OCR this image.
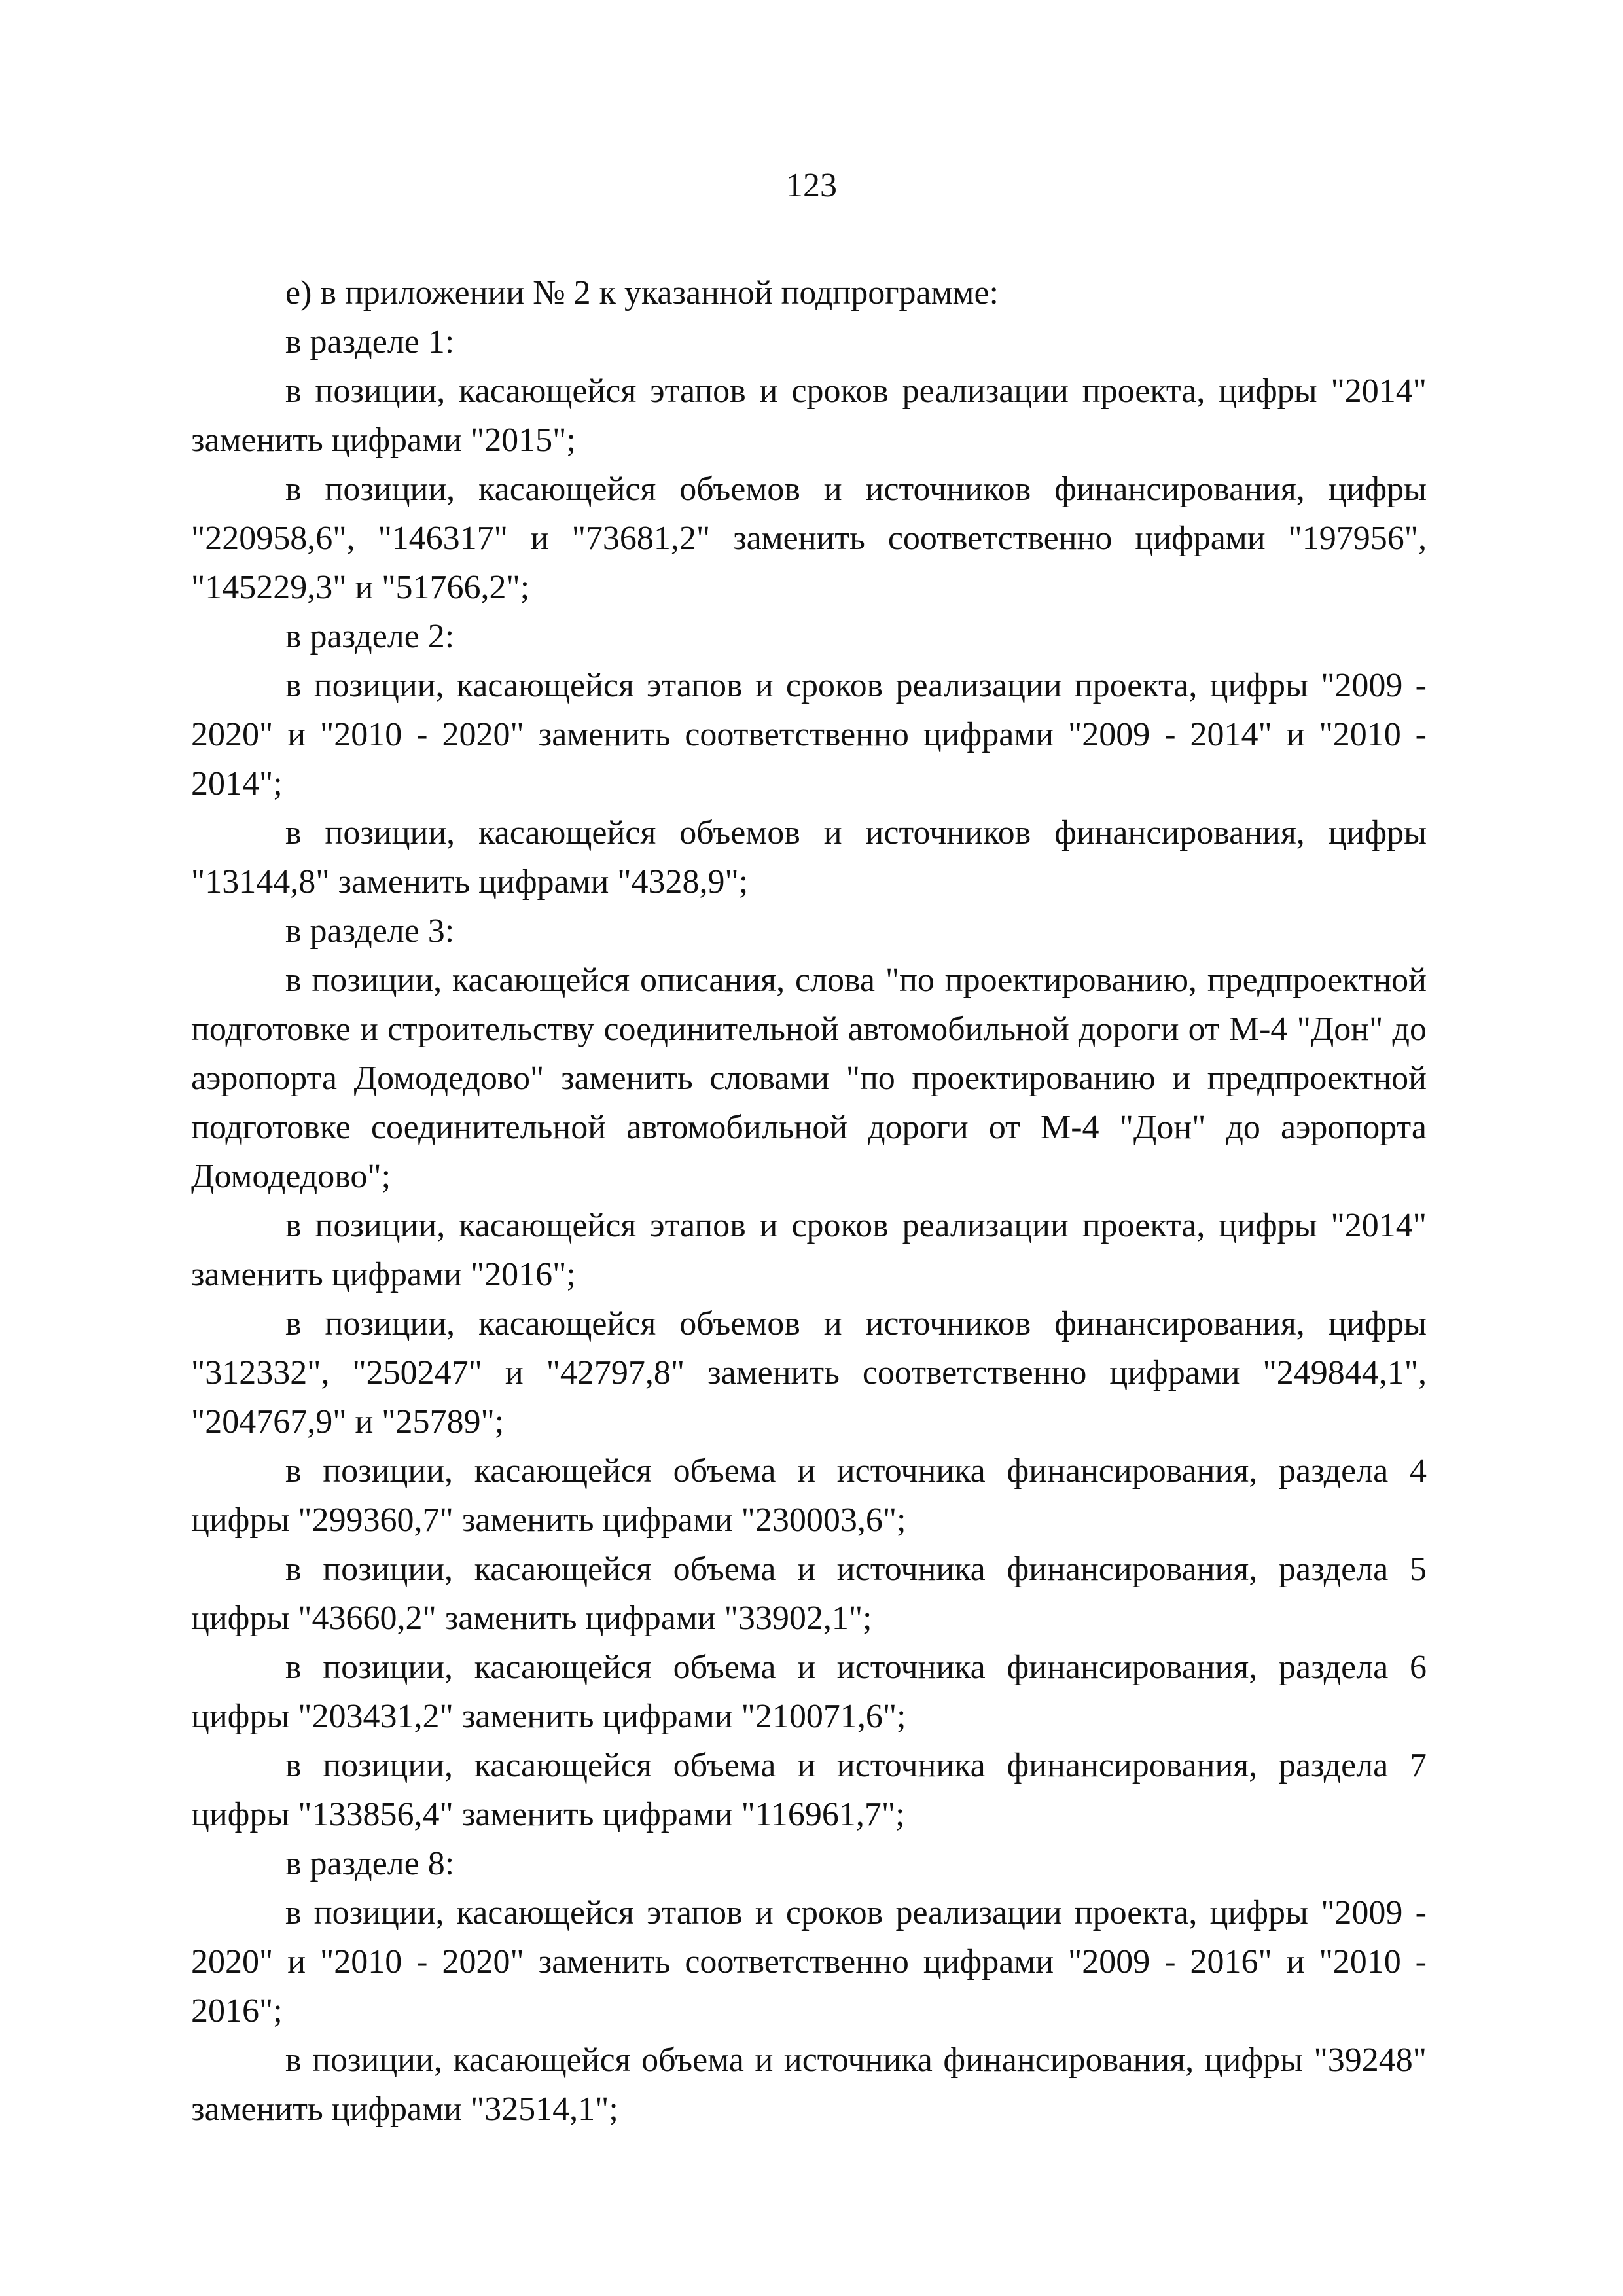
123

е) в приложении № 2 к указанной подпрограмме:

в разделе 1:

в позиции, касающейся этапов и сроков реализации проекта, цифры "2014" заменить цифрами "2015";

в позиции, касающейся объемов и источников финансирования, цифры "220958,6", "146317" и "73681,2" заменить соответственно цифрами "197956", "145229,3" и "51766,2";

в разделе 2:

в позиции, касающейся этапов и сроков реализации проекта, цифры "2009 - 2020" и "2010 - 2020" заменить соответственно цифрами "2009 - 2014" и "2010 - 2014";

в позиции, касающейся объемов и источников финансирования, цифры "13144,8" заменить цифрами "4328,9";

в разделе 3:

в позиции, касающейся описания, слова "по проектированию, предпроектной подготовке и строительству соединительной автомобильной дороги от М-4 "Дон" до аэропорта Домодедово" заменить словами "по проектированию и предпроектной подготовке соединительной автомобильной дороги от М-4 "Дон" до аэропорта Домодедово";

в позиции, касающейся этапов и сроков реализации проекта, цифры "2014" заменить цифрами "2016";

в позиции, касающейся объемов и источников финансирования, цифры "312332", "250247" и "42797,8" заменить соответственно цифрами "249844,1", "204767,9" и "25789";

в позиции, касающейся объема и источника финансирования, раздела 4 цифры "299360,7" заменить цифрами "230003,6";

в позиции, касающейся объема и источника финансирования, раздела 5 цифры "43660,2" заменить цифрами "33902,1";

в позиции, касающейся объема и источника финансирования, раздела 6 цифры "203431,2" заменить цифрами "210071,6";

в позиции, касающейся объема и источника финансирования, раздела 7 цифры "133856,4" заменить цифрами "116961,7";

в разделе 8:

в позиции, касающейся этапов и сроков реализации проекта, цифры "2009 - 2020" и "2010 - 2020" заменить соответственно цифрами "2009 - 2016" и "2010 - 2016";

в позиции, касающейся объема и источника финансирования, цифры "39248" заменить цифрами "32514,1";
